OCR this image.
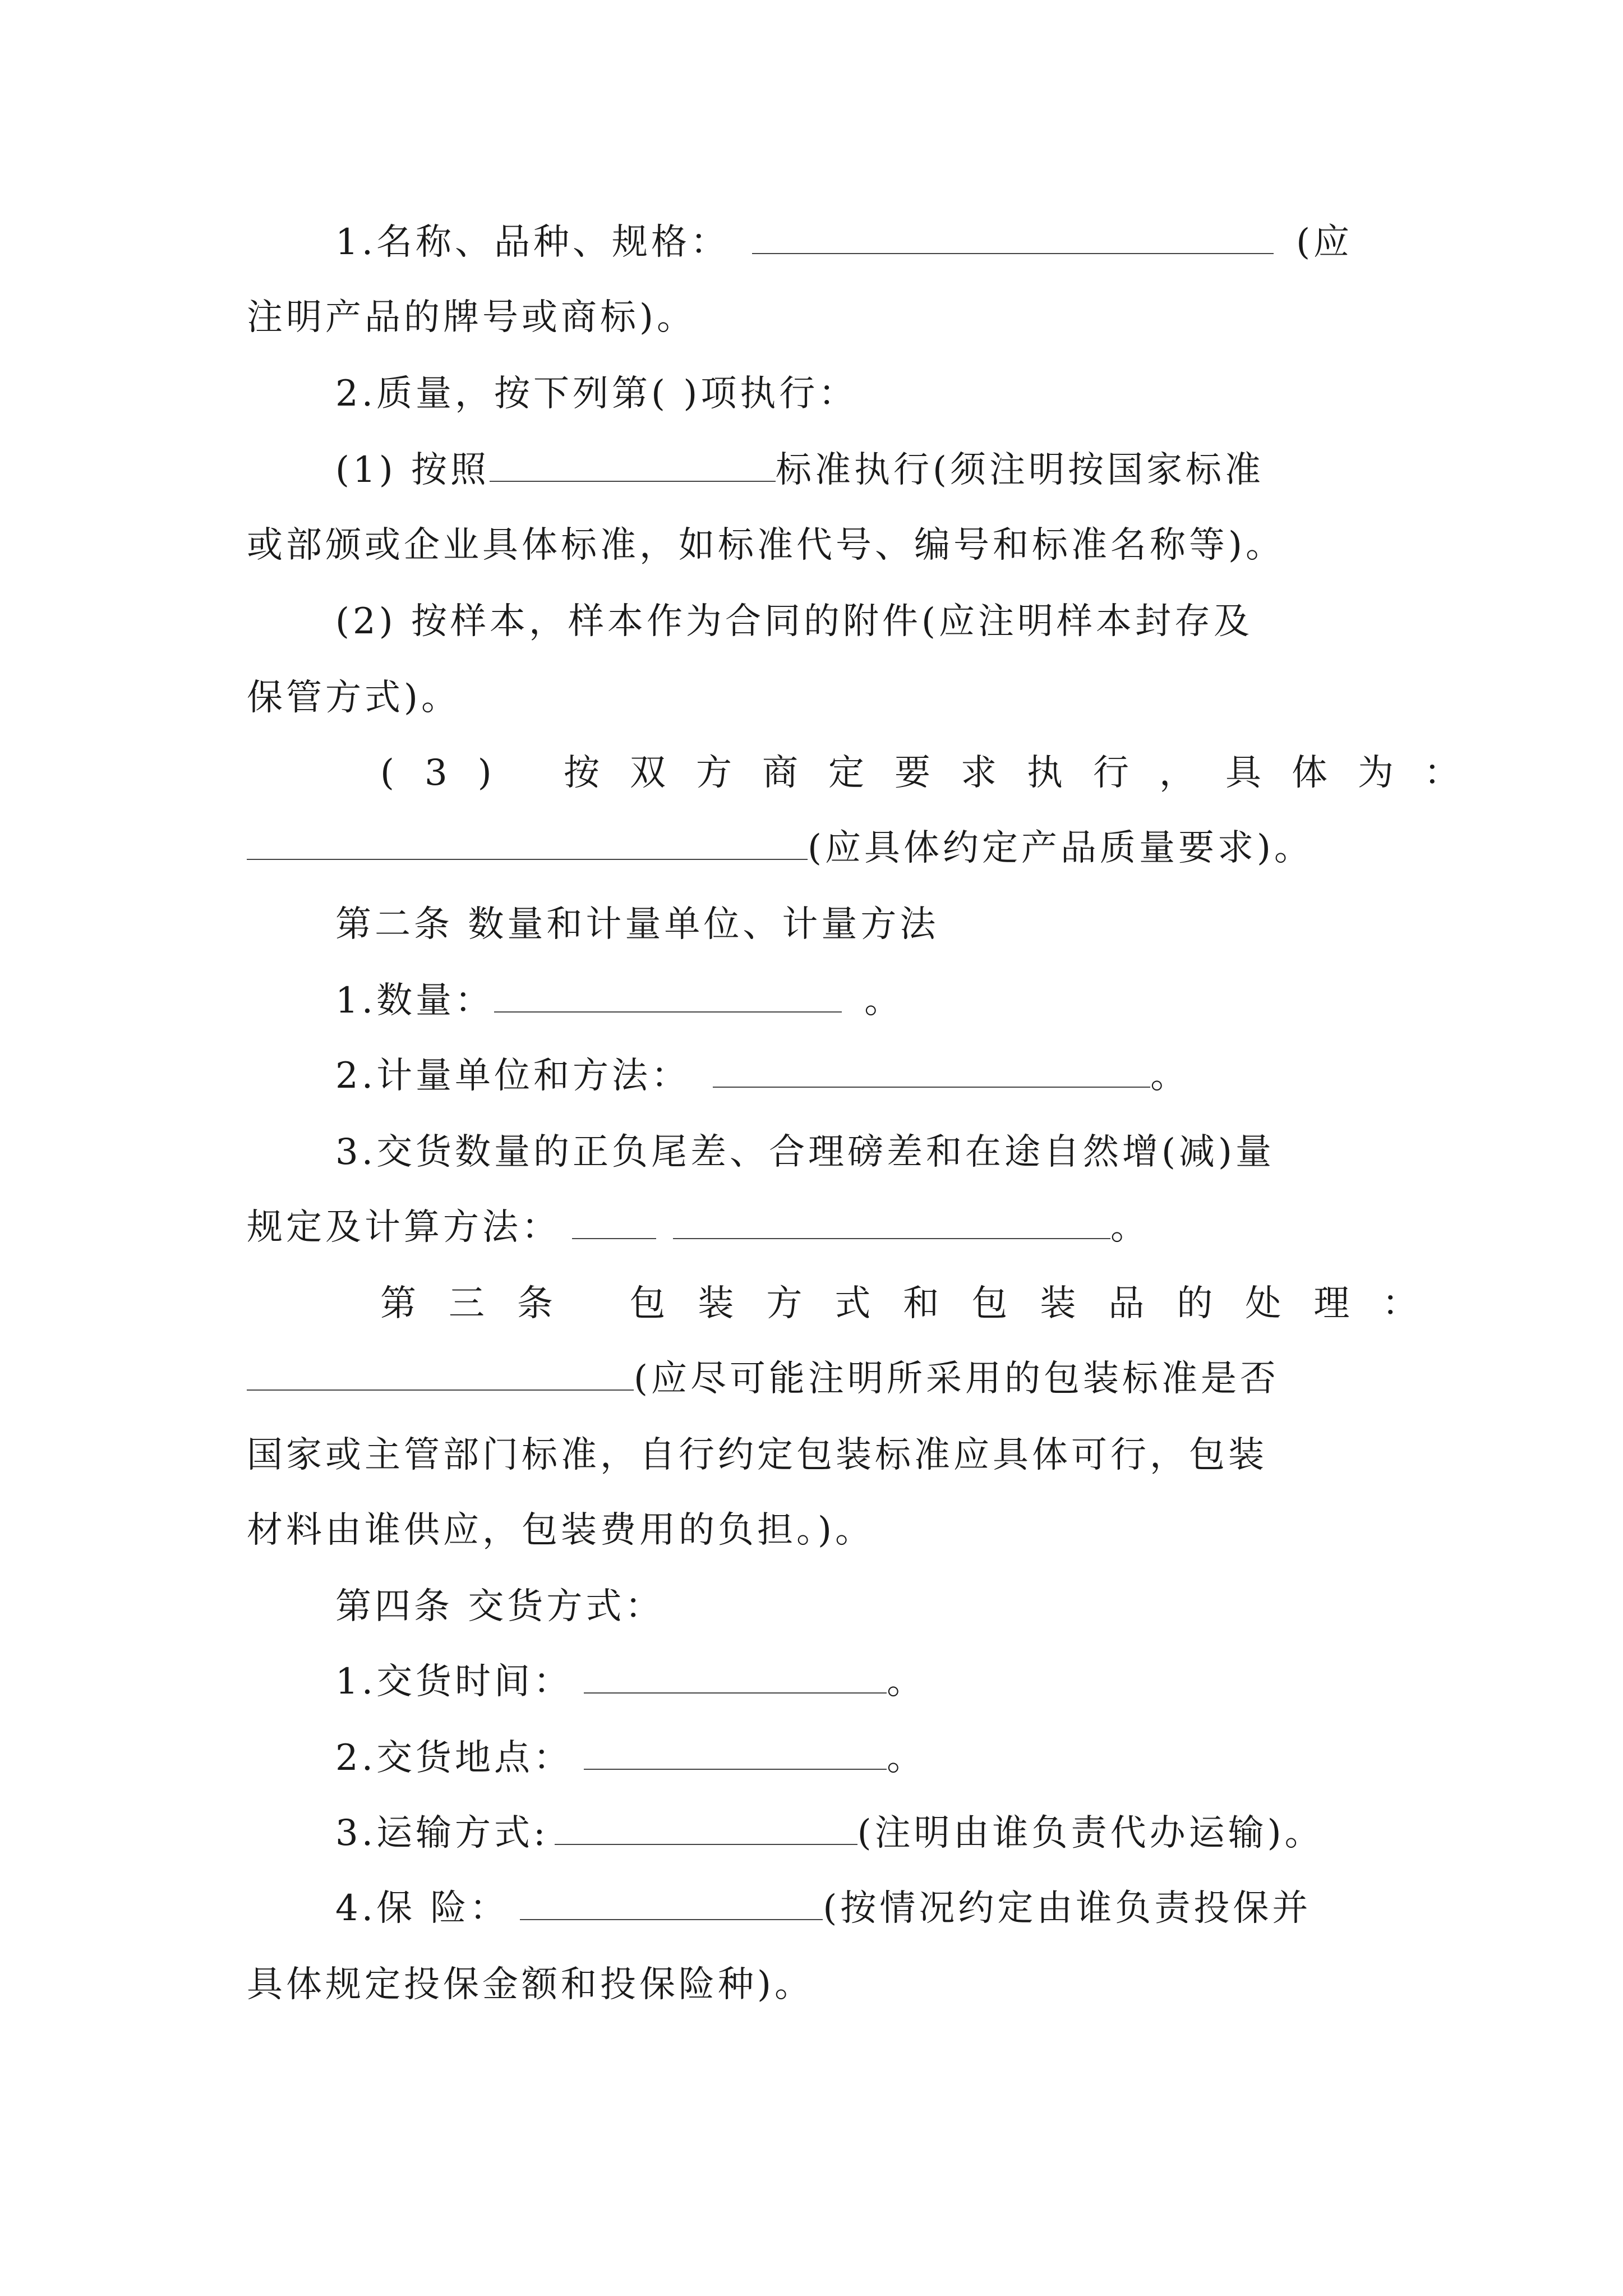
1.名称、品种、规格：	(应
注明产品的牌号或商标)。
2.质量，按下列第( )项执行：
(1) 按照	标准执行(须注明按国家标准
或部颁或企业具体标准，如标准代号、编号和标准名称等)。
(2) 按样本，样本作为合同的附件(应注明样本封存及
保管方式)。
(3) 按双方商定要求执行，具体为：
(应具体约定产品质量要求)。
第二条 数量和计量单位、计量方法
1.数量：	。
2.计量单位和方法：	。
3.交货数量的正负尾差、合理磅差和在途自然增(减)量
规定及计算方法：	。
第三条 包装方式和包装品的处理：
(应尽可能注明所采用的包装标准是否
国家或主管部门标准，自行约定包装标准应具体可行，包装
材料由谁供应，包装费用的负担。)。
第四条 交货方式：
1.交货时间：	。
2.交货地点：	。
3.运输方式:	(注明由谁负责代办运输)。
4.保 险：	(按情况约定由谁负责投保并
具体规定投保金额和投保险种)。
